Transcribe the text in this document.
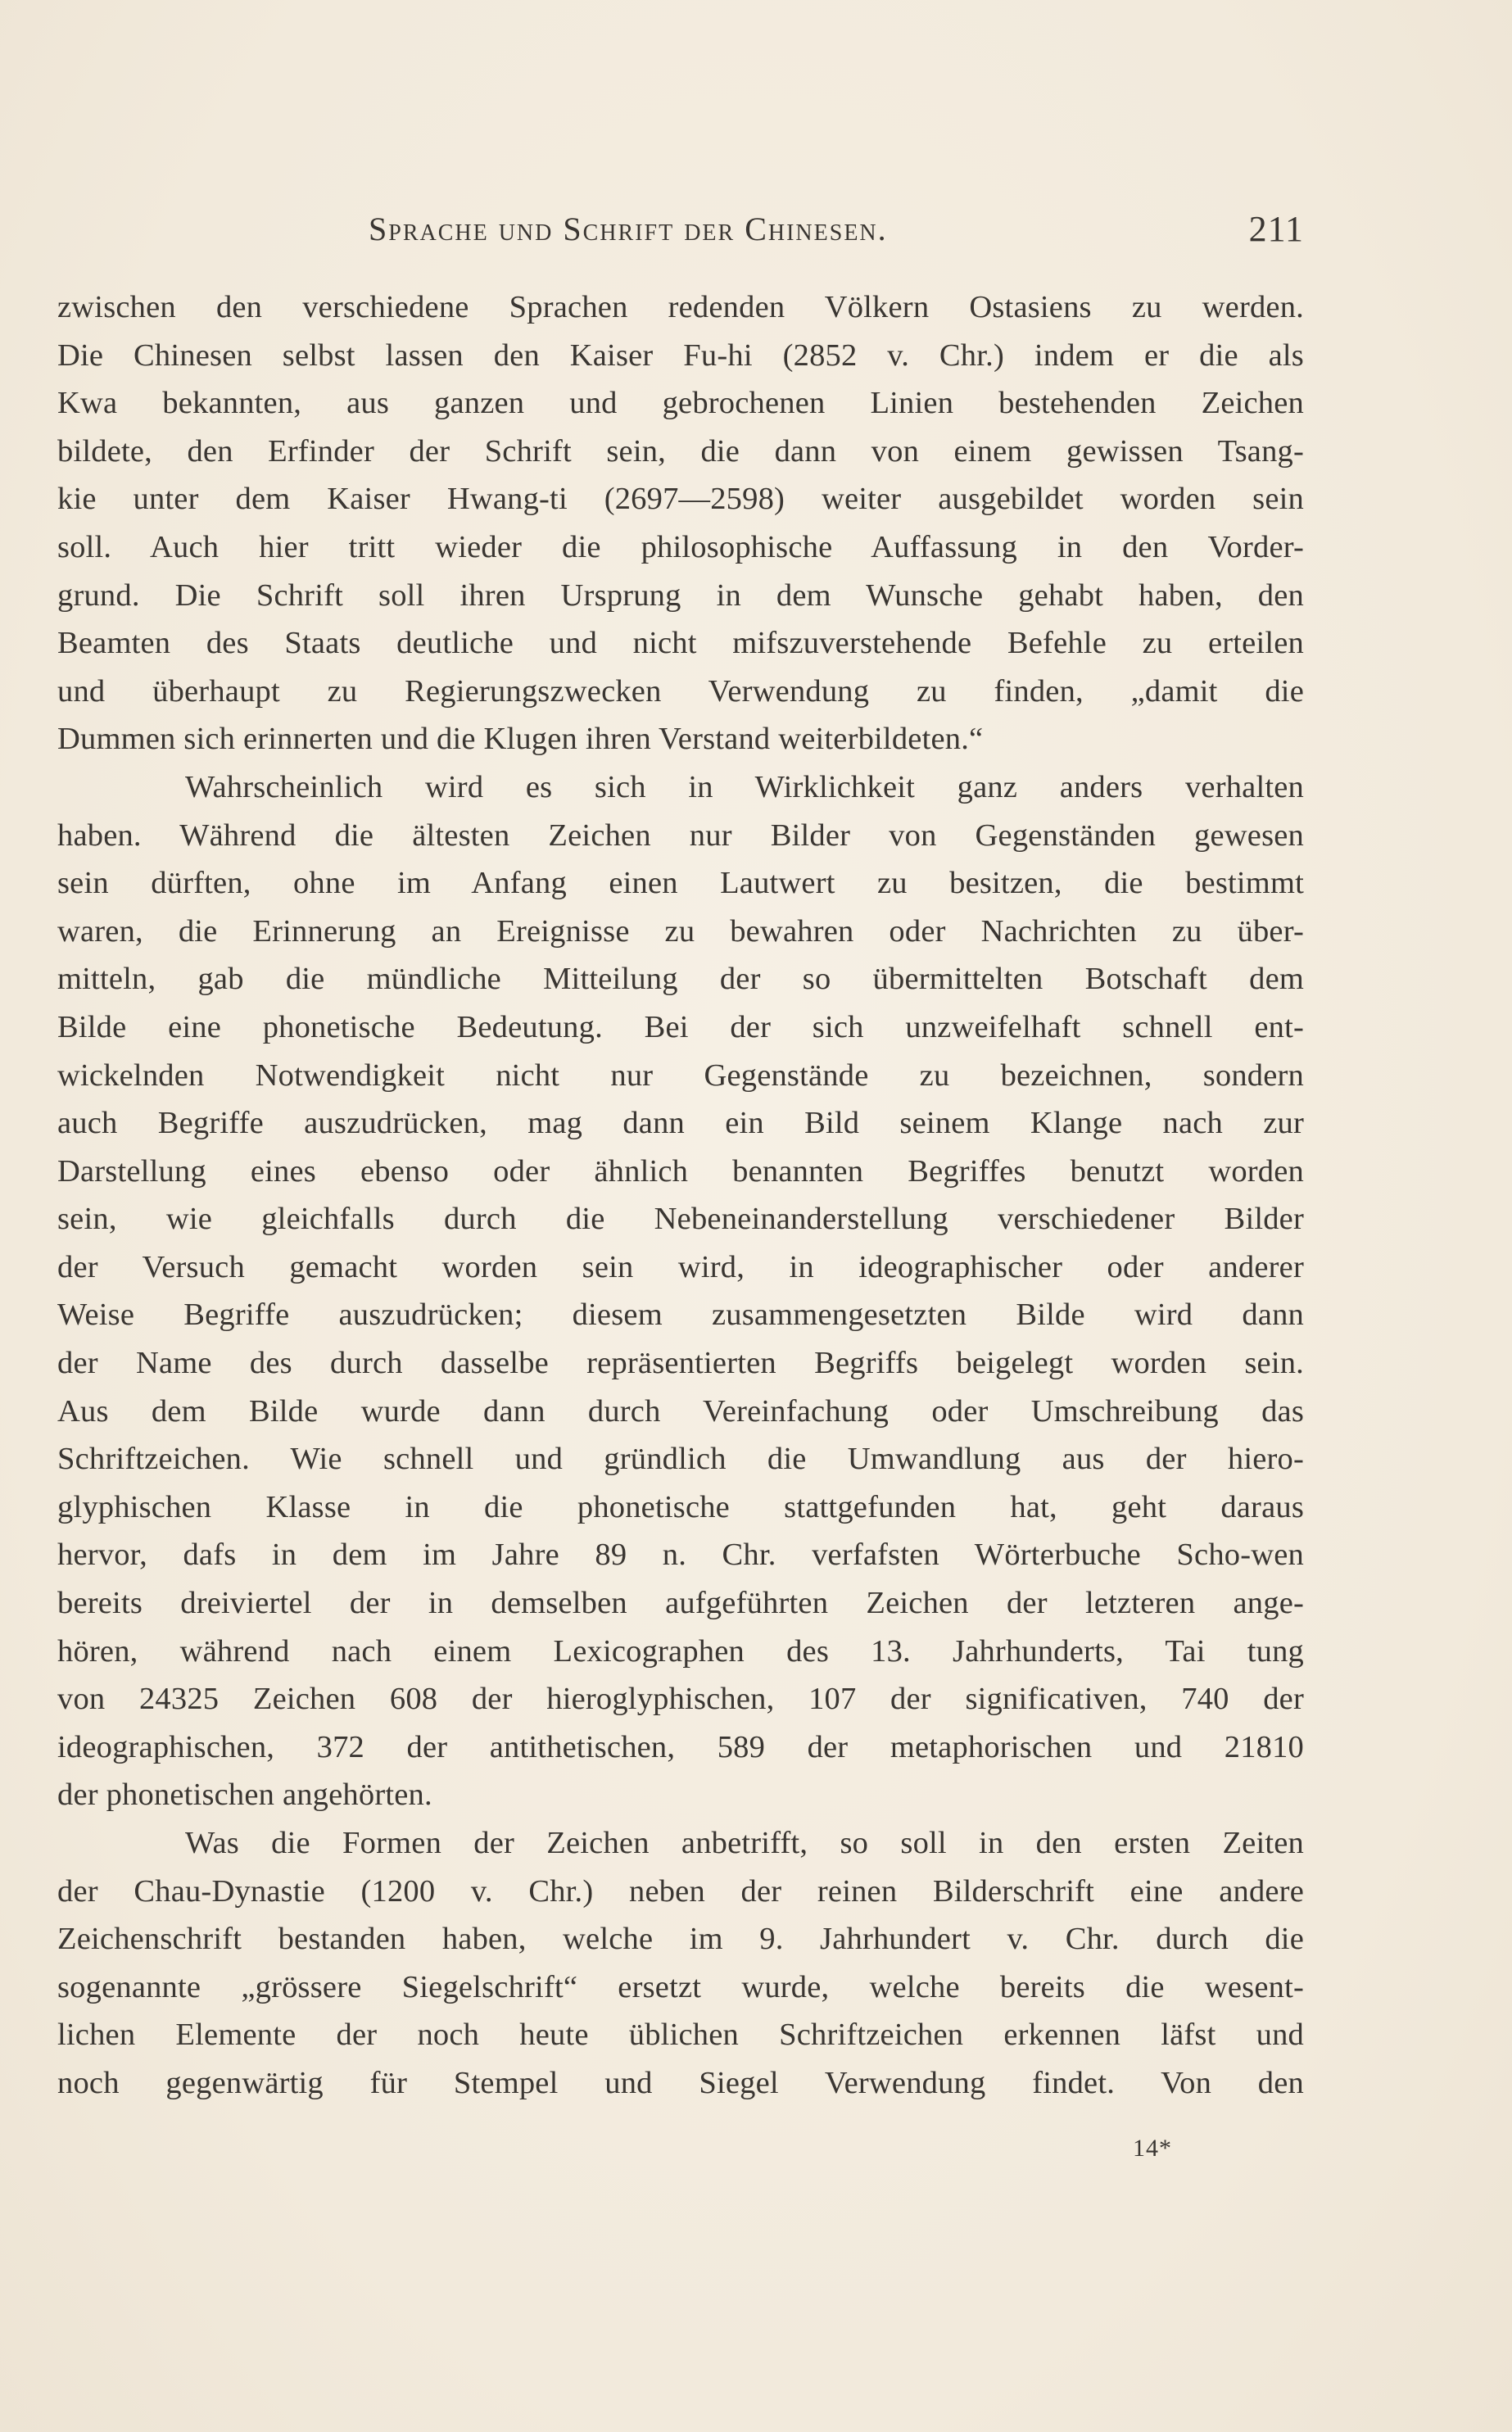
Sprache und Schrift der Chinesen.	211

zwischen den verschiedene Sprachen redenden Völkern Ostasiens zu werden.

Die Chinesen selbst lassen den Kaiser Fu-hi (2852 v. Chr.) indem er die als

Kwa bekannten, aus ganzen und gebrochenen Linien bestehenden Zeichen

bildete, den Erfinder der Schrift sein, die dann von einem gewissen Tsang-

kie unter dem Kaiser Hwang-ti (2697—2598) weiter ausgebildet worden sein

soll. Auch hier tritt wieder die philosophische Auffassung in den Vorder-

grund. Die Schrift soll ihren Ursprung in dem Wunsche gehabt haben, den

Beamten des Staats deutliche und nicht mifszuverstehende Befehle zu erteilen

und überhaupt zu Regierungszwecken Verwendung zu finden, „damit die

Dummen sich erinnerten und die Klugen ihren Verstand weiterbildeten.“

Wahrscheinlich wird es sich in Wirklichkeit ganz anders verhalten

haben. Während die ältesten Zeichen nur Bilder von Gegenständen gewesen

sein dürften, ohne im Anfang einen Lautwert zu besitzen, die bestimmt

waren, die Erinnerung an Ereignisse zu bewahren oder Nachrichten zu über-

mitteln, gab die mündliche Mitteilung der so übermittelten Botschaft dem

Bilde eine phonetische Bedeutung. Bei der sich unzweifelhaft schnell ent-

wickelnden Notwendigkeit nicht nur Gegenstände zu bezeichnen, sondern

auch Begriffe auszudrücken, mag dann ein Bild seinem Klange nach zur

Darstellung eines ebenso oder ähnlich benannten Begriffes benutzt worden

sein, wie gleichfalls durch die Nebeneinanderstellung verschiedener Bilder

der Versuch gemacht worden sein wird, in ideographischer oder anderer

Weise Begriffe auszudrücken; diesem zusammengesetzten Bilde wird dann

der Name des durch dasselbe repräsentierten Begriffs beigelegt worden sein.

Aus dem Bilde wurde dann durch Vereinfachung oder Umschreibung das

Schriftzeichen. Wie schnell und gründlich die Umwandlung aus der hiero-

glyphischen Klasse in die phonetische stattgefunden hat, geht daraus

hervor, dafs in dem im Jahre 89 n. Chr. verfafsten Wörterbuche Scho-wen

bereits dreiviertel der in demselben aufgeführten Zeichen der letzteren ange-

hören, während nach einem Lexicographen des 13. Jahrhunderts, Tai tung

von 24325 Zeichen 608 der hieroglyphischen, 107 der significativen, 740 der

ideographischen, 372 der antithetischen, 589 der metaphorischen und 21810

der phonetischen angehörten.

Was die Formen der Zeichen anbetrifft, so soll in den ersten Zeiten

der Chau-Dynastie (1200 v. Chr.) neben der reinen Bilderschrift eine andere

Zeichenschrift bestanden haben, welche im 9. Jahrhundert v. Chr. durch die

sogenannte „grössere Siegelschrift“ ersetzt wurde, welche bereits die wesent-

lichen Elemente der noch heute üblichen Schriftzeichen erkennen läfst und

noch gegenwärtig für Stempel und Siegel Verwendung findet. Von den

14*
